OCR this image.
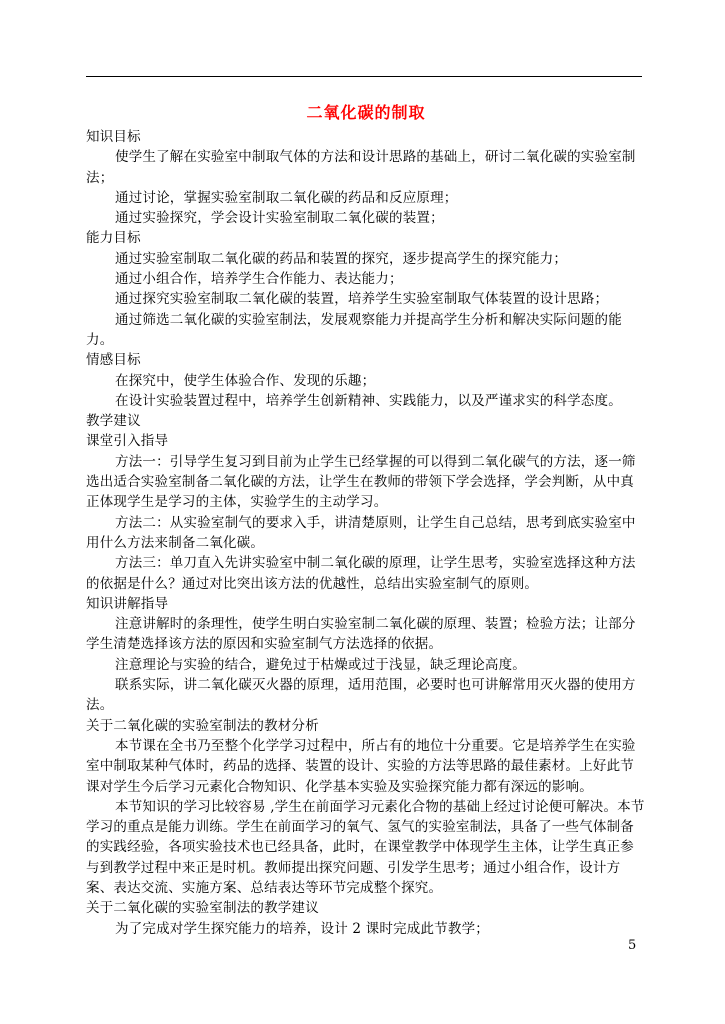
二氧化碳的制取

知识目标

使学生了解在实验室中制取气体的方法和设计思路的基础上，研讨二氧化碳的实验室制法；

通过讨论，掌握实验室制取二氧化碳的药品和反应原理；

通过实验探究，学会设计实验室制取二氧化碳的装置；

能力目标

通过实验室制取二氧化碳的药品和装置的探究，逐步提高学生的探究能力；

通过小组合作，培养学生合作能力、表达能力；

通过探究实验室制取二氧化碳的装置，培养学生实验室制取气体装置的设计思路；

通过筛选二氧化碳的实验室制法，发展观察能力并提高学生分析和解决实际问题的能力。

情感目标

在探究中，使学生体验合作、发现的乐趣；

在设计实验装置过程中，培养学生创新精神、实践能力，以及严谨求实的科学态度。

教学建议

课堂引入指导

方法一：引导学生复习到目前为止学生已经掌握的可以得到二氧化碳气的方法，逐一筛选出适合实验室制备二氧化碳的方法，让学生在教师的带领下学会选择，学会判断，从中真正体现学生是学习的主体，实验学生的主动学习。

方法二：从实验室制气的要求入手，讲清楚原则，让学生自己总结，思考到底实验室中用什么方法来制备二氧化碳。

方法三：单刀直入先讲实验室中制二氧化碳的原理，让学生思考，实验室选择这种方法的依据是什么？通过对比突出该方法的优越性，总结出实验室制气的原则。

知识讲解指导

注意讲解时的条理性，使学生明白实验室制二氧化碳的原理、装置；检验方法；让部分学生清楚选择该方法的原因和实验室制气方法选择的依据。

注意理论与实验的结合，避免过于枯燥或过于浅显，缺乏理论高度。

联系实际，讲二氧化碳灭火器的原理，适用范围，必要时也可讲解常用灭火器的使用方法。

关于二氧化碳的实验室制法的教材分析

本节课在全书乃至整个化学学习过程中，所占有的地位十分重要。它是培养学生在实验室中制取某种气体时，药品的选择、装置的设计、实验的方法等思路的最佳素材。上好此节课对学生今后学习元素化合物知识、化学基本实验及实验探究能力都有深远的影响。

本节知识的学习比较容易 ,学生在前面学习元素化合物的基础上经过讨论便可解决。本节学习的重点是能力训练。学生在前面学习的氧气、氢气的实验室制法，具备了一些气体制备的实践经验，各项实验技术也已经具备，此时，在课堂教学中体现学生主体，让学生真正参与到教学过程中来正是时机。教师提出探究问题、引发学生思考；通过小组合作，设计方案、表达交流、实施方案、总结表达等环节完成整个探究。

关于二氧化碳的实验室制法的教学建议

为了完成对学生探究能力的培养，设计 2 课时完成此节教学；

5
